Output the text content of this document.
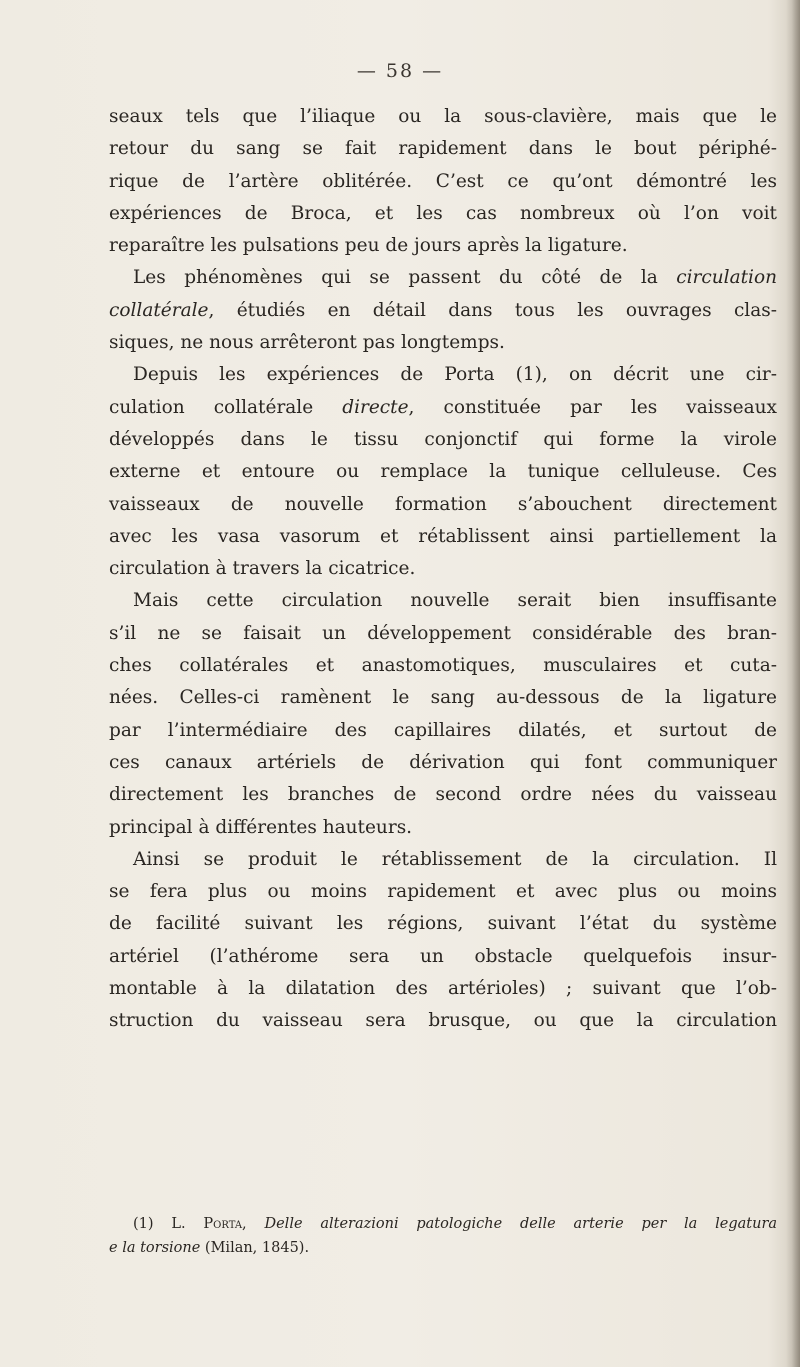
— 58 —
seaux tels que l’iliaque ou la sous-clavière, mais que le
retour du sang se fait rapidement dans le bout périphé-
rique de l’artère oblitérée. C’est ce qu’ont démontré les
expériences de Broca, et les cas nombreux où l’on voit
reparaître les pulsations peu de jours après la ligature.
Les phénomènes qui se passent du côté de la circulation
collatérale, étudiés en détail dans tous les ouvrages clas-
siques, ne nous arrêteront pas longtemps.
Depuis les expériences de Porta (1), on décrit une cir-
culation collatérale directe, constituée par les vaisseaux
développés dans le tissu conjonctif qui forme la virole
externe et entoure ou remplace la tunique celluleuse. Ces
vaisseaux de nouvelle formation s’abouchent directement
avec les vasa vasorum et rétablissent ainsi partiellement la
circulation à travers la cicatrice.
Mais cette circulation nouvelle serait bien insuffisante
s’il ne se faisait un développement considérable des bran-
ches collatérales et anastomotiques, musculaires et cuta-
nées. Celles-ci ramènent le sang au-dessous de la ligature
par l’intermédiaire des capillaires dilatés, et surtout de
ces canaux artériels de dérivation qui font communiquer
directement les branches de second ordre nées du vaisseau
principal à différentes hauteurs.
Ainsi se produit le rétablissement de la circulation. Il
se fera plus ou moins rapidement et avec plus ou moins
de facilité suivant les régions, suivant l’état du système
artériel (l’athérome sera un obstacle quelquefois insur-
montable à la dilatation des artérioles) ; suivant que l’ob-
struction du vaisseau sera brusque, ou que la circulation
(1) L. Porta, Delle alterazioni patologiche delle arterie per la legatura
e la torsione (Milan, 1845).
